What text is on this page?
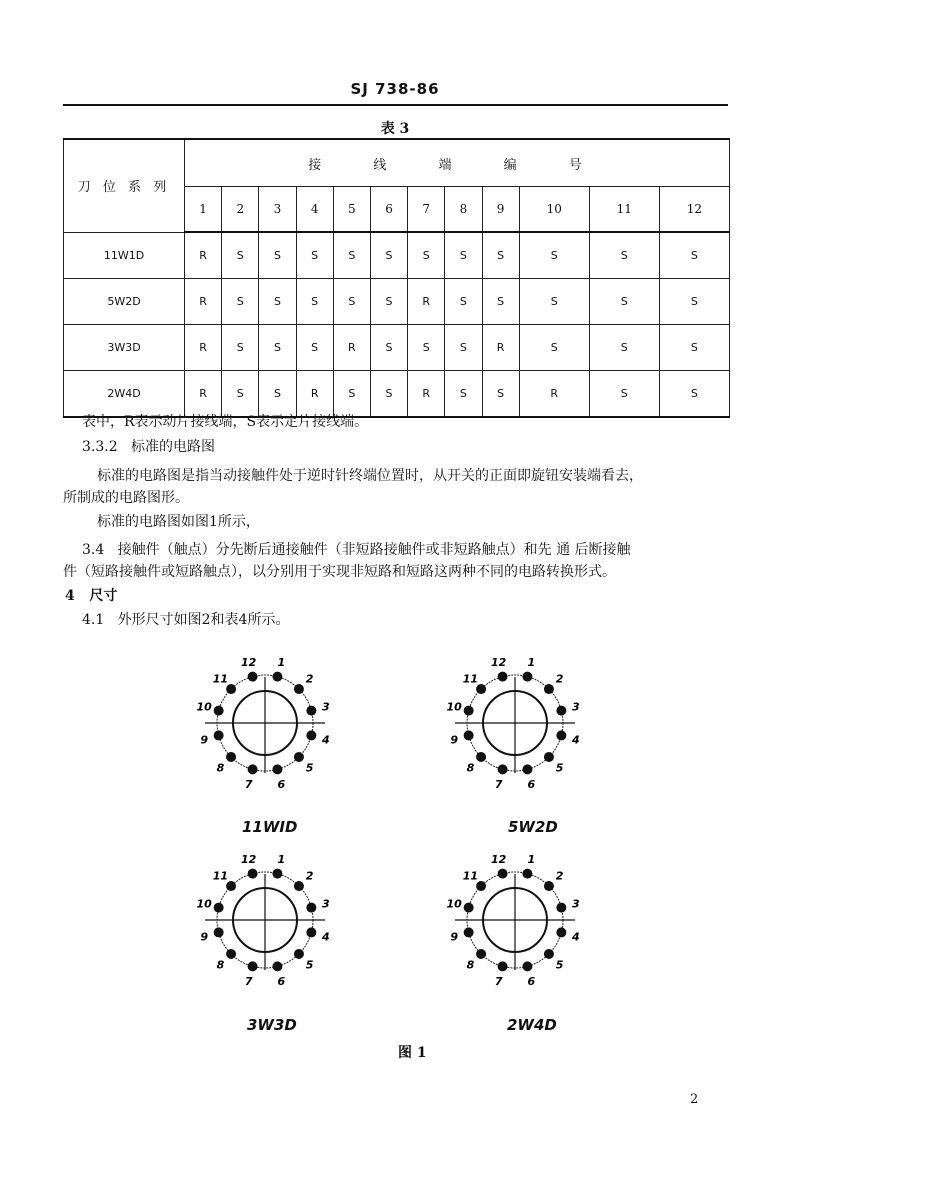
SJ 738-86
表 3
刀 位 系 列	接 线 端 编 号											
	1	2	3	4	5	6	7	8	9	10	11	12
11W1D	R	S	S	S	S	S	S	S	S	S	S	S
5W2D	R	S	S	S	S	S	R	S	S	S	S	S
3W3D	R	S	S	S	R	S	S	S	R	S	S	S
2W4D	R	S	S	R	S	S	R	S	S	R	S	S
表中，R表示动片接线端，S表示定片接线端。
3.3.2 标准的电路图
标准的电路图是指当动接触件处于逆时针终端位置时，从开关的正面即旋钮安装端看去，
所制成的电路图形。
标准的电路图如图1所示，
3.4 接触件（触点）分先断后通接触件（非短路接触件或非短路触点）和先 通 后断接触
件（短路接触件或短路触点），以分别用于实现非短路和短路这两种不同的电路转换形式。
4 尺寸
4.1 外形尺寸如图2和表4所示。
1
2
3
4
5
6
7
8
9
10
11
12	1
2
3
4
5
6
7
8
9
10
11
12
1
2
3
4
5
6
7
8
9
10
11
12	1
2
3
4
5
6
7
8
9
10
11
12
11WID	5W2D
3W3D	2W4D
图 1
2
